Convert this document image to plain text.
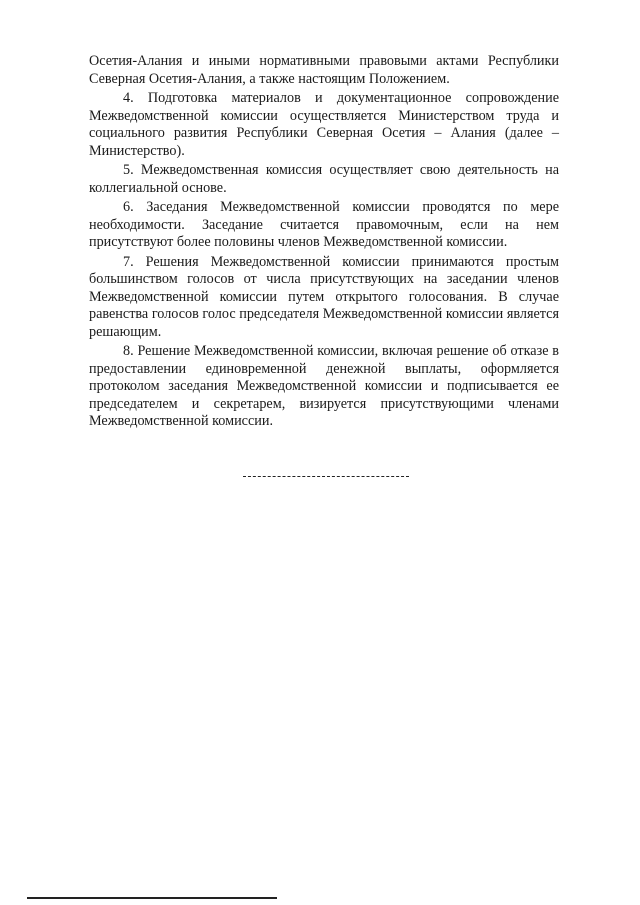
Осетия-Алания и иными нормативными правовыми актами Республики Северная Осетия-Алания, а также настоящим Положением.

4. Подготовка материалов и документационное сопровождение Межведомственной комиссии осуществляется Министерством труда и социального развития Республики Северная Осетия – Алания (далее – Министерство).

5. Межведомственная комиссия осуществляет свою деятельность на коллегиальной основе.

6. Заседания Межведомственной комиссии проводятся по мере необходимости. Заседание считается правомочным, если на нем присутствуют более половины членов Межведомственной комиссии.

7. Решения Межведомственной комиссии принимаются простым большинством голосов от числа присутствующих на заседании членов Межведомственной комиссии путем открытого голосования. В случае равенства голосов голос председателя Межведомственной комиссии является решающим.

8. Решение Межведомственной комиссии, включая решение об отказе в предоставлении единовременной денежной выплаты, оформляется протоколом заседания Межведомственной комиссии и подписывается ее председателем и секретарем, визируется присутствующими членами Межведомственной комиссии.
